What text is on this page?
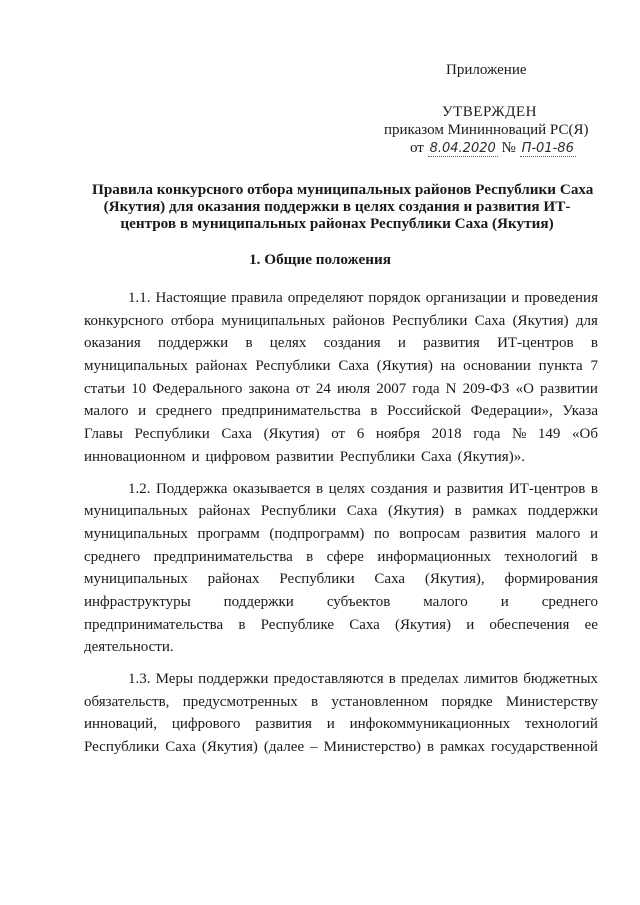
Приложение
УТВЕРЖДЕН
приказом Мининноваций РС(Я)
от 8.04.2020 № П-01-86
Правила конкурсного отбора муниципальных районов Республики Саха
(Якутия) для оказания поддержки в целях создания и развития ИТ-
центров в муниципальных районах Республики Саха (Якутия)
1. Общие положения
1.1. Настоящие правила определяют порядок организации и проведения
конкурсного отбора муниципальных районов Республики Саха (Якутия) для
оказания поддержки в целях создания и развития ИТ-центров в
муниципальных районах Республики Саха (Якутия) на основании пункта 7
статьи 10 Федерального закона от 24 июля 2007 года N 209-ФЗ «О развитии
малого и среднего предпринимательства в Российской Федерации», Указа
Главы Республики Саха (Якутия) от 6 ноября 2018 года № 149 «Об
инновационном и цифровом развитии Республики Саха (Якутия)».
1.2. Поддержка оказывается в целях создания и развития ИТ-центров в
муниципальных районах Республики Саха (Якутия) в рамках поддержки
муниципальных программ (подпрограмм) по вопросам развития малого и
среднего предпринимательства в сфере информационных технологий в
муниципальных районах Республики Саха (Якутия), формирования
инфраструктуры поддержки субъектов малого и среднего
предпринимательства в Республике Саха (Якутия) и обеспечения ее
деятельности.
1.3. Меры поддержки предоставляются в пределах лимитов бюджетных
обязательств, предусмотренных в установленном порядке Министерству
инноваций, цифрового развития и инфокоммуникационных технологий
Республики Саха (Якутия) (далее – Министерство) в рамках государственной
